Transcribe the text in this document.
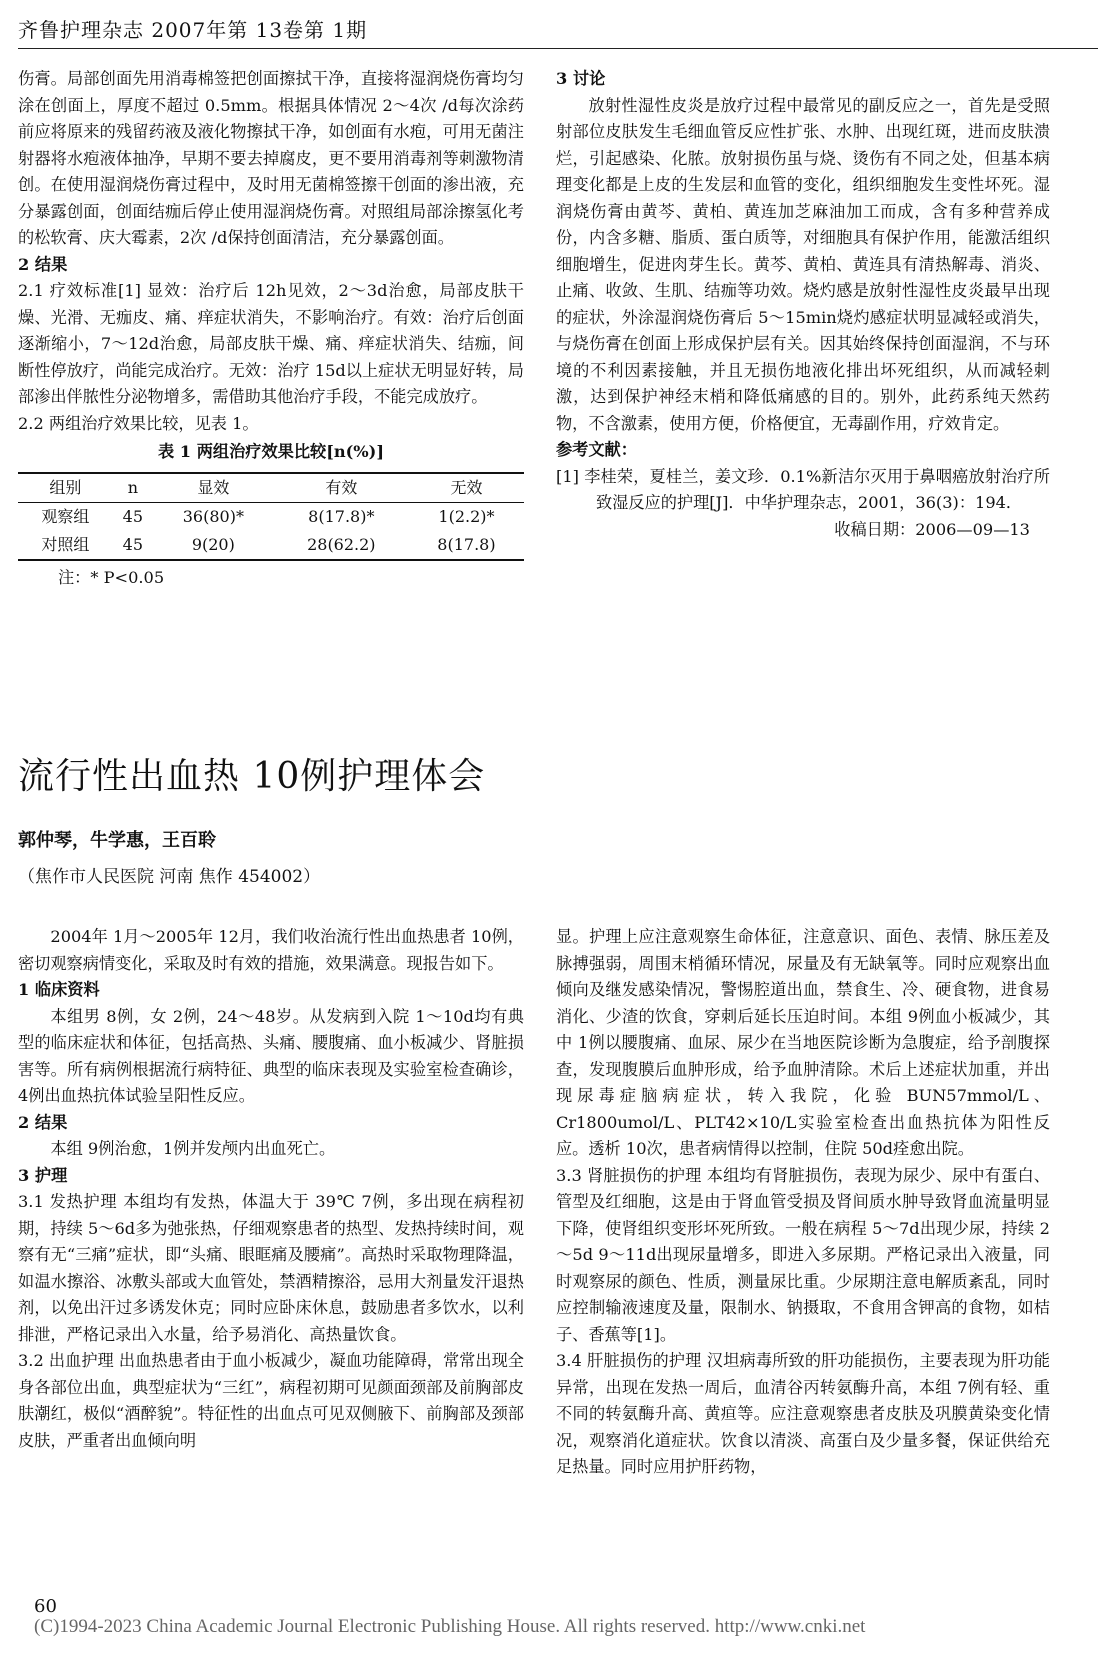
齐鲁护理杂志 2007年第 13卷第 1期

伤膏。局部创面先用消毒棉签把创面擦拭干净，直接将湿润烧伤膏均匀涂在创面上，厚度不超过 0.5mm。根据具体情况 2～4次 /d每次涂药前应将原来的残留药液及液化物擦拭干净，如创面有水疱，可用无菌注射器将水疱液体抽净，早期不要去掉腐皮，更不要用消毒剂等刺激物清创。在使用湿润烧伤膏过程中，及时用无菌棉签擦干创面的渗出液，充分暴露创面，创面结痂后停止使用湿润烧伤膏。对照组局部涂擦氢化考的松软膏、庆大霉素，2次 /d保持创面清洁，充分暴露创面。

2 结果

2.1 疗效标准[1] 显效：治疗后 12h见效，2～3d治愈，局部皮肤干燥、光滑、无痂皮、痛、痒症状消失，不影响治疗。有效：治疗后创面逐渐缩小，7～12d治愈，局部皮肤干燥、痛、痒症状消失、结痂，间断性停放疗，尚能完成治疗。无效：治疗 15d以上症状无明显好转，局部渗出伴脓性分泌物增多，需借助其他治疗手段，不能完成放疗。

2.2 两组治疗效果比较，见表 1。

表 1 两组治疗效果比较[n(%)]
组别	n	显效	有效	无效
观察组	45	36(80)*	8(17.8)*	1(2.2)*
对照组	45	9(20)	28(62.2)	8(17.8)
注：* P<0.05

3 讨论

放射性湿性皮炎是放疗过程中最常见的副反应之一，首先是受照射部位皮肤发生毛细血管反应性扩张、水肿、出现红斑，进而皮肤溃烂，引起感染、化脓。放射损伤虽与烧、烫伤有不同之处，但基本病理变化都是上皮的生发层和血管的变化，组织细胞发生变性坏死。湿润烧伤膏由黄芩、黄柏、黄连加芝麻油加工而成，含有多种营养成份，内含多糖、脂质、蛋白质等，对细胞具有保护作用，能激活组织细胞增生，促进肉芽生长。黄芩、黄柏、黄连具有清热解毒、消炎、止痛、收敛、生肌、结痂等功效。烧灼感是放射性湿性皮炎最早出现的症状，外涂湿润烧伤膏后 5～15min烧灼感症状明显减轻或消失，与烧伤膏在创面上形成保护层有关。因其始终保持创面湿润，不与环境的不利因素接触，并且无损伤地液化排出坏死组织，从而减轻刺激，达到保护神经末梢和降低痛感的目的。别外，此药系纯天然药物，不含激素，使用方便，价格便宜，无毒副作用，疗效肯定。

参考文献：

[1] 李桂荣，夏桂兰，姜文珍．0.1%新洁尔灭用于鼻咽癌放射治疗所致湿反应的护理[J]．中华护理杂志，2001，36(3)：194．

收稿日期：2006—09—13

流行性出血热 10例护理体会
郭仲琴，牛学惠，王百聆
（焦作市人民医院 河南 焦作 454002）

2004年 1月～2005年 12月，我们收治流行性出血热患者 10例，密切观察病情变化，采取及时有效的措施，效果满意。现报告如下。

1 临床资料

本组男 8例，女 2例，24～48岁。从发病到入院 1～10d均有典型的临床症状和体征，包括高热、头痛、腰腹痛、血小板减少、肾脏损害等。所有病例根据流行病特征、典型的临床表现及实验室检查确诊，4例出血热抗体试验呈阳性反应。

2 结果

本组 9例治愈，1例并发颅内出血死亡。

3 护理

3.1 发热护理 本组均有发热，体温大于 39℃ 7例，多出现在病程初期，持续 5～6d多为弛张热，仔细观察患者的热型、发热持续时间，观察有无“三痛”症状，即“头痛、眼眶痛及腰痛”。高热时采取物理降温，如温水擦浴、冰敷头部或大血管处，禁酒精擦浴，忌用大剂量发汗退热剂，以免出汗过多诱发休克；同时应卧床休息，鼓励患者多饮水，以利排泄，严格记录出入水量，给予易消化、高热量饮食。

3.2 出血护理 出血热患者由于血小板减少，凝血功能障碍，常常出现全身各部位出血，典型症状为“三红”，病程初期可见颜面颈部及前胸部皮肤潮红，极似“酒醉貌”。特征性的出血点可见双侧腋下、前胸部及颈部皮肤，严重者出血倾向明

显。护理上应注意观察生命体征，注意意识、面色、表情、脉压差及脉搏强弱，周围末梢循环情况，尿量及有无缺氧等。同时应观察出血倾向及继发感染情况，警惕腔道出血，禁食生、冷、硬食物，进食易消化、少渣的饮食，穿刺后延长压迫时间。本组 9例血小板减少，其中 1例以腰腹痛、血尿、尿少在当地医院诊断为急腹症，给予剖腹探查，发现腹膜后血肿形成，给予血肿清除。术后上述症状加重，并出现尿毒症脑病症状，转入我院，化验 BUN57mmol/L、Cr1800umol/L、PLT42×10/L实验室检查出血热抗体为阳性反应。透析 10次，患者病情得以控制，住院 50d痊愈出院。

3.3 肾脏损伤的护理 本组均有肾脏损伤，表现为尿少、尿中有蛋白、管型及红细胞，这是由于肾血管受损及肾间质水肿导致肾血流量明显下降，使肾组织变形坏死所致。一般在病程 5～7d出现少尿，持续 2～5d 9～11d出现尿量增多，即进入多尿期。严格记录出入液量，同时观察尿的颜色、性质，测量尿比重。少尿期注意电解质紊乱，同时应控制输液速度及量，限制水、钠摄取，不食用含钾高的食物，如桔子、香蕉等[1]。

3.4 肝脏损伤的护理 汉坦病毒所致的肝功能损伤，主要表现为肝功能异常，出现在发热一周后，血清谷丙转氨酶升高，本组 7例有轻、重不同的转氨酶升高、黄疸等。应注意观察患者皮肤及巩膜黄染变化情况，观察消化道症状。饮食以清淡、高蛋白及少量多餐，保证供给充足热量。同时应用护肝药物，

60
(C)1994-2023 China Academic Journal Electronic Publishing House. All rights reserved. http://www.cnki.net
